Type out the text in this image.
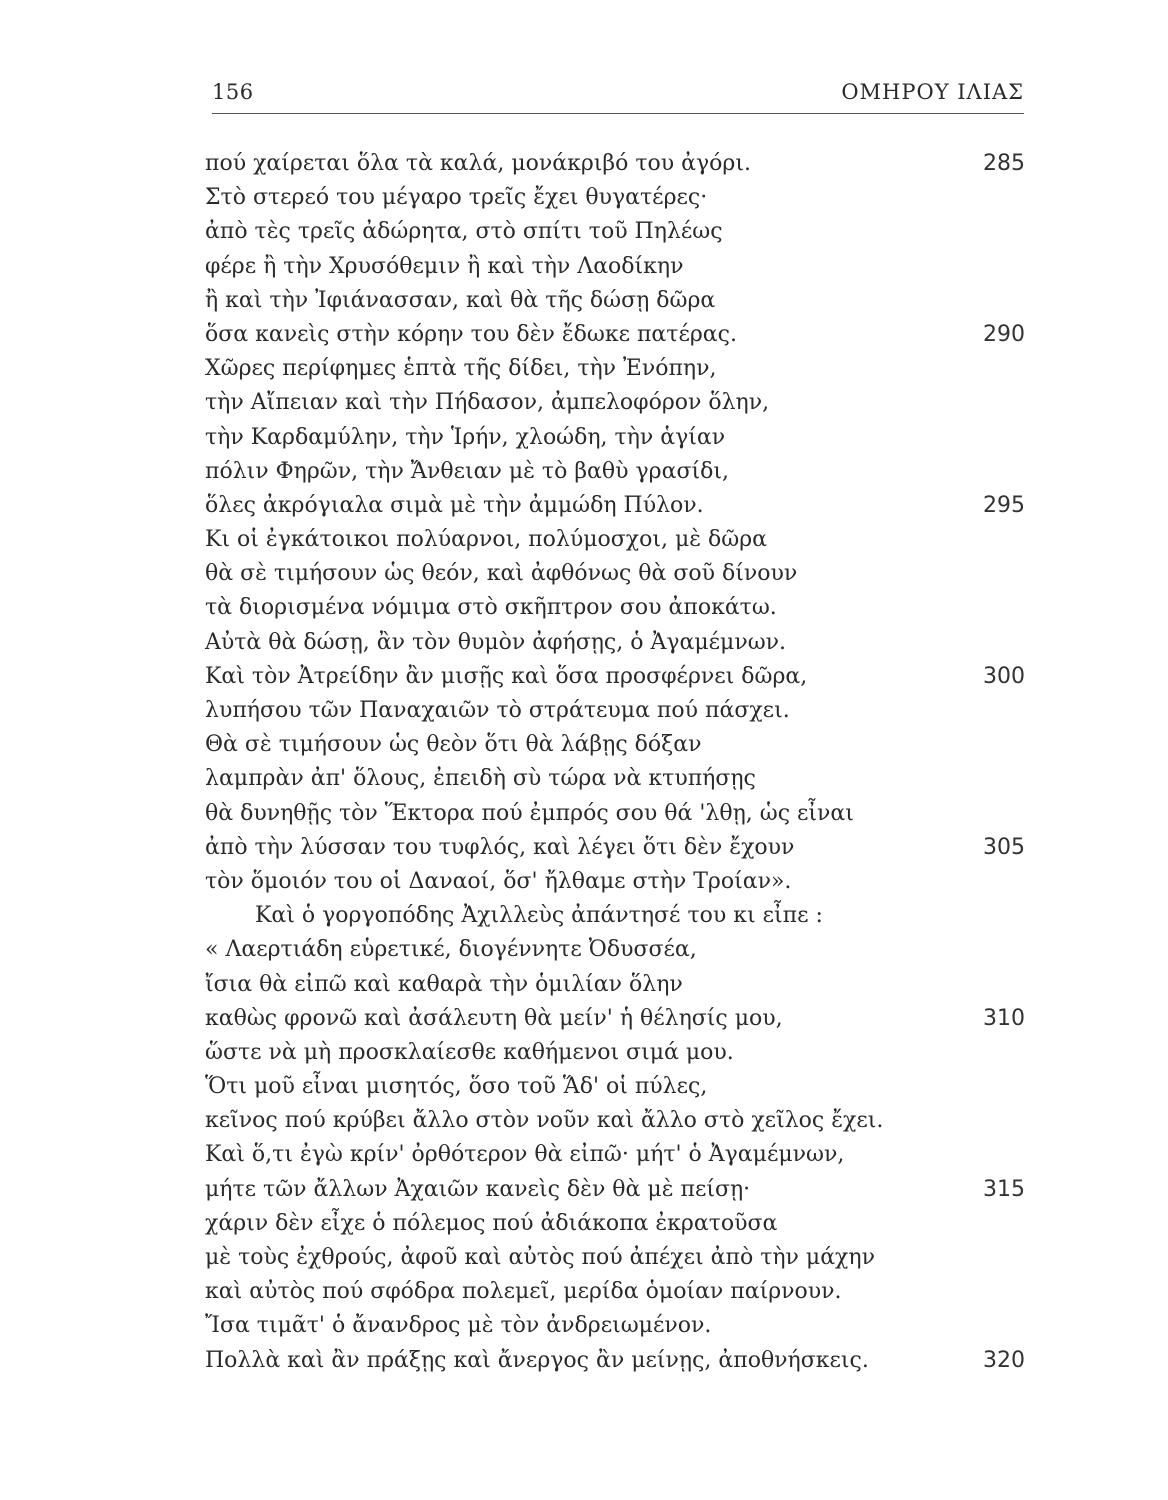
156	ΟΜΗΡΟΥ ΙΛΙΑΣ
πού χαίρεται ὅλα τὰ καλά, μονάκριβό του ἀγόρι.	285
Στὸ στερεό του μέγαρο τρεῖς ἔχει θυγατέρες·
ἀπὸ τὲς τρεῖς ἀδώρητα, στὸ σπίτι τοῦ Πηλέως
φέρε ἢ τὴν Χρυσόθεμιν ἢ καὶ τὴν Λαοδίκην
ἢ καὶ τὴν Ἰφιάνασσαν, καὶ θὰ τῆς δώσῃ δῶρα
ὅσα κανεὶς στὴν κόρην του δὲν ἔδωκε πατέρας.	290
Χῶρες περίφημες ἑπτὰ τῆς δίδει, τὴν Ἐνόπην,
τὴν Αἴπειαν καὶ τὴν Πήδασον, ἀμπελοφόρον ὅλην,
τὴν Καρδαμύλην, τὴν Ἱρήν, χλοώδη, τὴν ἁγίαν
πόλιν Φηρῶν, τὴν Ἄνθειαν μὲ τὸ βαθὺ γρασίδι,
ὅλες ἀκρόγιαλα σιμὰ μὲ τὴν ἀμμώδη Πύλον.	295
Κι οἱ ἐγκάτοικοι πολύαρνοι, πολύμοσχοι, μὲ δῶρα
θὰ σὲ τιμήσουν ὡς θεόν, καὶ ἀφθόνως θὰ σοῦ δίνουν
τὰ διορισμένα νόμιμα στὸ σκῆπτρον σου ἀποκάτω.
Αὐτὰ θὰ δώσῃ, ἂν τὸν θυμὸν ἀφήσῃς, ὁ Ἀγαμέμνων.
Καὶ τὸν Ἀτρείδην ἂν μισῇς καὶ ὅσα προσφέρνει δῶρα,	300
λυπήσου τῶν Παναχαιῶν τὸ στράτευμα πού πάσχει.
Θὰ σὲ τιμήσουν ὡς θεὸν ὅτι θὰ λάβῃς δόξαν
λαμπρὰν ἀπ' ὅλους, ἐπειδὴ σὺ τώρα νὰ κτυπήσῃς
θὰ δυνηθῇς τὸν Ἕκτορα πού ἐμπρός σου θά 'λθῃ, ὡς εἶναι
ἀπὸ τὴν λύσσαν του τυφλός, καὶ λέγει ὅτι δὲν ἔχουν	305
τὸν ὅμοιόν του οἱ Δαναοί, ὅσ' ἤλθαμε στὴν Τροίαν».
Καὶ ὁ γοργοπόδης Ἀχιλλεὺς ἀπάντησέ του κι εἶπε :
« Λαερτιάδη εὑρετικέ, διογέννητε Ὀδυσσέα,
ἴσια θὰ εἰπῶ καὶ καθαρὰ τὴν ὁμιλίαν ὅλην
καθὼς φρονῶ καὶ ἀσάλευτη θὰ μείν' ἡ θέλησίς μου,	310
ὥστε νὰ μὴ προσκλαίεσθε καθήμενοι σιμά μου.
Ὅτι μοῦ εἶναι μισητός, ὅσο τοῦ Ἅδ' οἱ πύλες,
κεῖνος πού κρύβει ἄλλο στὸν νοῦν καὶ ἄλλο στὸ χεῖλος ἔχει.
Καὶ ὅ,τι ἐγὼ κρίν' ὀρθότερον θὰ εἰπῶ· μήτ' ὁ Ἀγαμέμνων,
μήτε τῶν ἄλλων Ἀχαιῶν κανεὶς δὲν θὰ μὲ πείσῃ·	315
χάριν δὲν εἶχε ὁ πόλεμος πού ἀδιάκοπα ἐκρατοῦσα
μὲ τοὺς ἐχθρούς, ἀφοῦ καὶ αὐτὸς πού ἀπέχει ἀπὸ τὴν μάχην
καὶ αὐτὸς πού σφόδρα πολεμεῖ, μερίδα ὁμοίαν παίρνουν.
Ἴσα τιμᾶτ' ὁ ἄνανδρος μὲ τὸν ἀνδρειωμένον.
Πολλὰ καὶ ἂν πράξῃς καὶ ἄνεργος ἂν μείνῃς, ἀποθνήσκεις.	320
